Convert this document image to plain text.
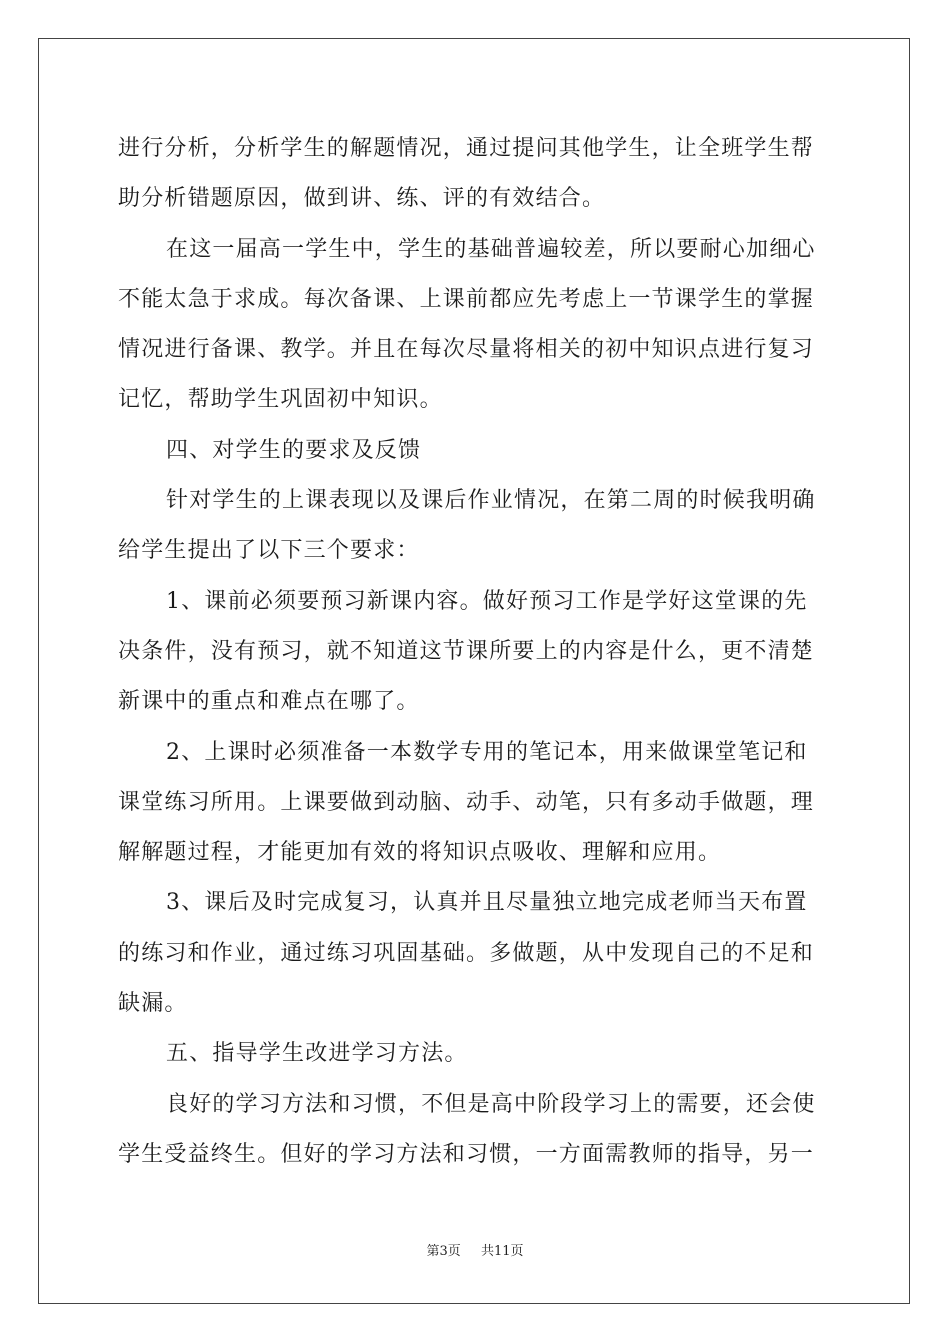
进行分析，分析学生的解题情况，通过提问其他学生，让全班学生帮
助分析错题原因，做到讲、练、评的有效结合。
在这一届高一学生中，学生的基础普遍较差，所以要耐心加细心
不能太急于求成。每次备课、上课前都应先考虑上一节课学生的掌握
情况进行备课、教学。并且在每次尽量将相关的初中知识点进行复习
记忆，帮助学生巩固初中知识。
四、对学生的要求及反馈
针对学生的上课表现以及课后作业情况，在第二周的时候我明确
给学生提出了以下三个要求：
1、课前必须要预习新课内容。做好预习工作是学好这堂课的先
决条件，没有预习，就不知道这节课所要上的内容是什么，更不清楚
新课中的重点和难点在哪了。
2、上课时必须准备一本数学专用的笔记本，用来做课堂笔记和
课堂练习所用。上课要做到动脑、动手、动笔，只有多动手做题，理
解解题过程，才能更加有效的将知识点吸收、理解和应用。
3、课后及时完成复习，认真并且尽量独立地完成老师当天布置
的练习和作业，通过练习巩固基础。多做题，从中发现自己的不足和
缺漏。
五、指导学生改进学习方法。
良好的学习方法和习惯，不但是高中阶段学习上的需要，还会使
学生受益终生。但好的学习方法和习惯，一方面需教师的指导，另一
第3页 共11页
